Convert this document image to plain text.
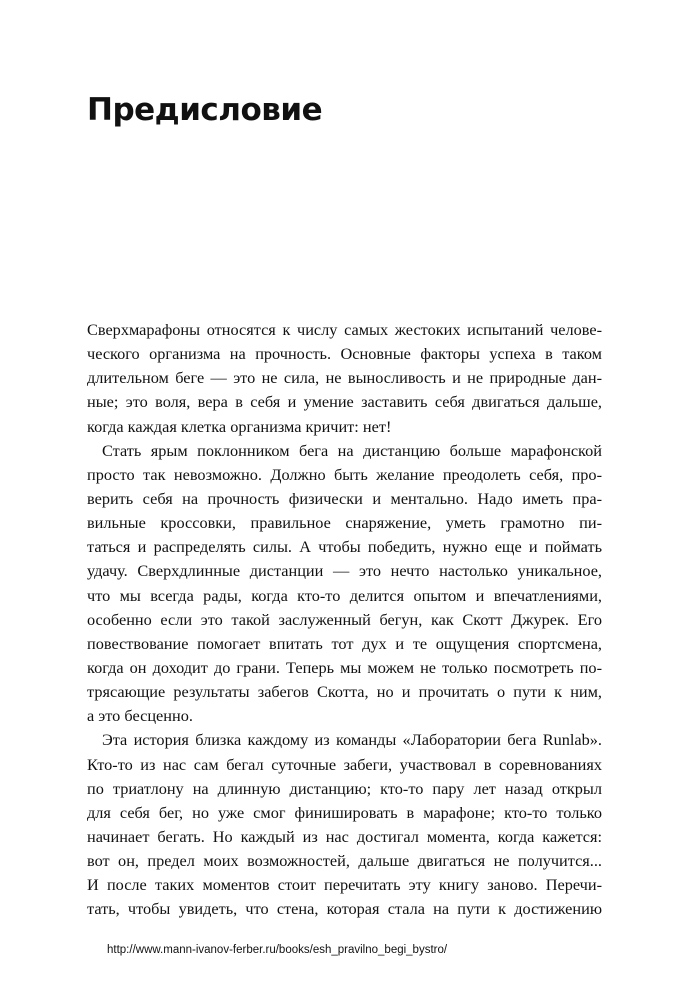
Предисловие
Сверхмарафоны относятся к числу самых жестоких испытаний челове-
ческого организма на прочность. Основные факторы успеха в таком
длительном беге — это не сила, не выносливость и не природные дан-
ные; это воля, вера в себя и умение заставить себя двигаться дальше,
когда каждая клетка организма кричит: нет!
Стать ярым поклонником бега на дистанцию больше марафонской
просто так невозможно. Должно быть желание преодолеть себя, про-
верить себя на прочность физически и ментально. Надо иметь пра-
вильные кроссовки, правильное снаряжение, уметь грамотно пи-
таться и распределять силы. А чтобы победить, нужно еще и поймать
удачу. Сверхдлинные дистанции — это нечто настолько уникальное,
что мы всегда рады, когда кто-то делится опытом и впечатлениями,
особенно если это такой заслуженный бегун, как Скотт Джурек. Его
повествование помогает впитать тот дух и те ощущения спортсмена,
когда он доходит до грани. Теперь мы можем не только посмотреть по-
трясающие результаты забегов Скотта, но и прочитать о пути к ним,
а это бесценно.
Эта история близка каждому из команды «Лаборатории бега Runlab».
Кто-то из нас сам бегал суточные забеги, участвовал в соревнованиях
по триатлону на длинную дистанцию; кто-то пару лет назад открыл
для себя бег, но уже смог финишировать в марафоне; кто-то только
начинает бегать. Но каждый из нас достигал момента, когда кажется:
вот он, предел моих возможностей, дальше двигаться не получится...
И после таких моментов стоит перечитать эту книгу заново. Перечи-
тать, чтобы увидеть, что стена, которая стала на пути к достижению
http://www.mann-ivanov-ferber.ru/books/esh_pravilno_begi_bystro/
